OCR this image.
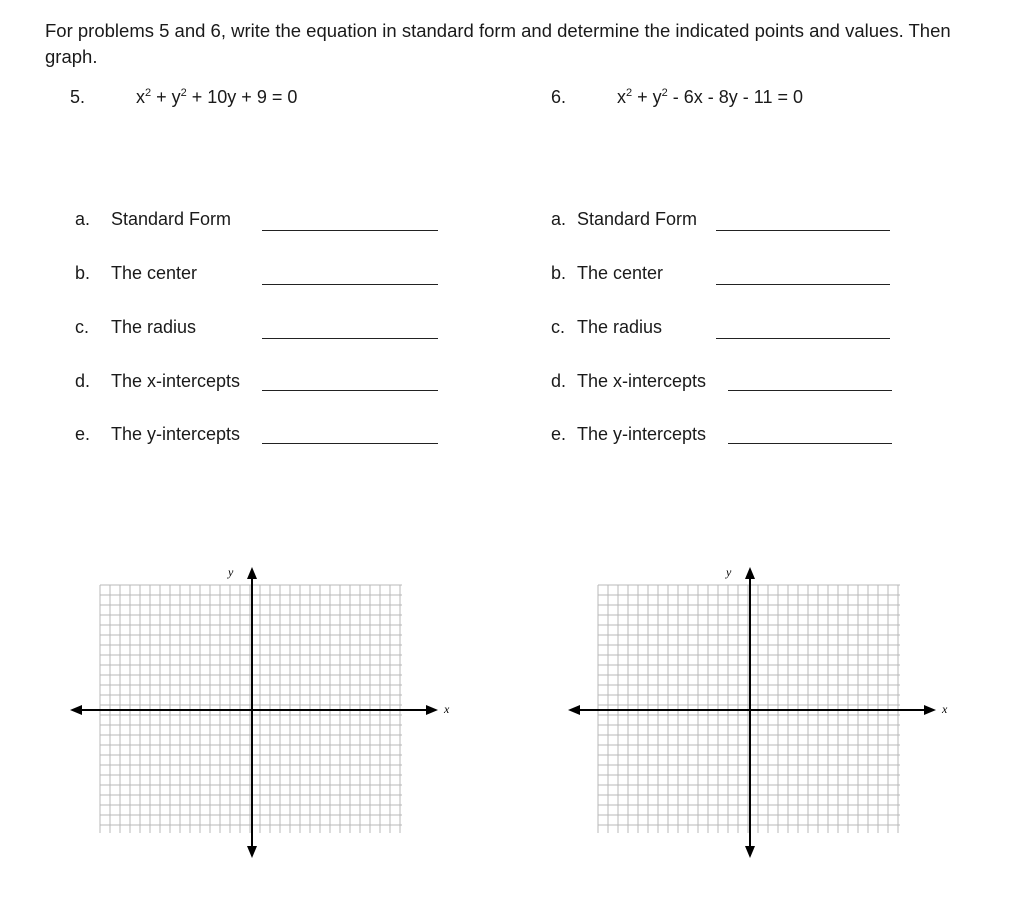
For problems 5 and 6, write the equation in standard form and determine the indicated points and values. Then graph.
5.	$x^2 + y^2 + 10y + 9 = 0$	6.	$x^2 + y^2 - 6x - 8y - 11 = 0$
a. Standard Form
b. The center
c. The radius
d. The x-intercepts
e. The y-intercepts
a. Standard Form
b. The center
c. The radius
d. The x-intercepts
e. The y-intercepts
x
y
x
y
